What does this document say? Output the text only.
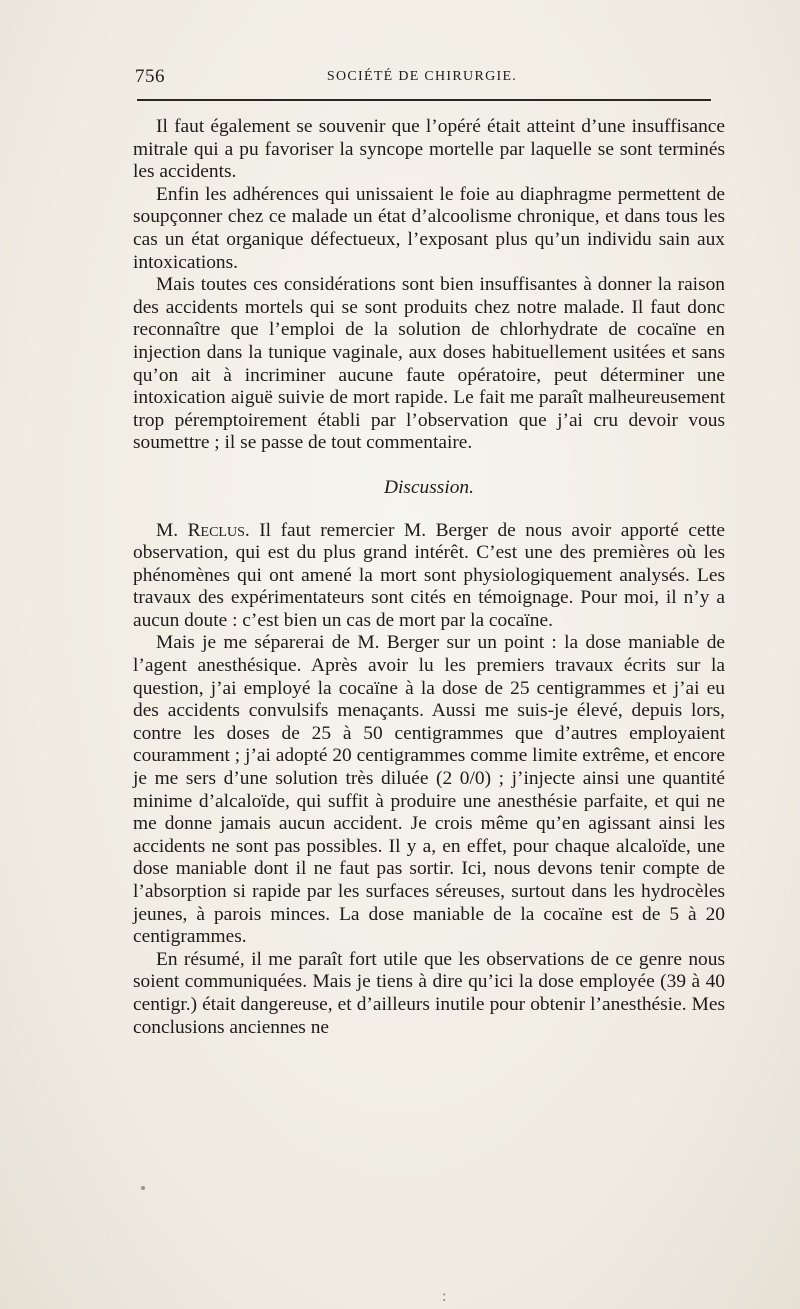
756	SOCIÉTÉ DE CHIRURGIE.

Il faut également se souvenir que l’opéré était atteint d’une insuffisance mitrale qui a pu favoriser la syncope mortelle par laquelle se sont terminés les accidents.

Enfin les adhérences qui unissaient le foie au diaphragme permettent de soupçonner chez ce malade un état d’alcoolisme chronique, et dans tous les cas un état organique défectueux, l’exposant plus qu’un individu sain aux intoxications.

Mais toutes ces considérations sont bien insuffisantes à donner la raison des accidents mortels qui se sont produits chez notre malade. Il faut donc reconnaître que l’emploi de la solution de chlorhydrate de cocaïne en injection dans la tunique vaginale, aux doses habituellement usitées et sans qu’on ait à incriminer aucune faute opératoire, peut déterminer une intoxication aiguë suivie de mort rapide. Le fait me paraît malheureusement trop péremptoirement établi par l’observation que j’ai cru devoir vous soumettre ; il se passe de tout commentaire.

Discussion.

M. Reclus. Il faut remercier M. Berger de nous avoir apporté cette observation, qui est du plus grand intérêt. C’est une des premières où les phénomènes qui ont amené la mort sont physiologiquement analysés. Les travaux des expérimentateurs sont cités en témoignage. Pour moi, il n’y a aucun doute : c’est bien un cas de mort par la cocaïne.

Mais je me séparerai de M. Berger sur un point : la dose maniable de l’agent anesthésique. Après avoir lu les premiers travaux écrits sur la question, j’ai employé la cocaïne à la dose de 25 centigrammes et j’ai eu des accidents convulsifs menaçants. Aussi me suis-je élevé, depuis lors, contre les doses de 25 à 50 centigrammes que d’autres employaient couramment ; j’ai adopté 20 centigrammes comme limite extrême, et encore je me sers d’une solution très diluée (2 0/0) ; j’injecte ainsi une quantité minime d’alcaloïde, qui suffit à produire une anesthésie parfaite, et qui ne me donne jamais aucun accident. Je crois même qu’en agissant ainsi les accidents ne sont pas possibles. Il y a, en effet, pour chaque alcaloïde, une dose maniable dont il ne faut pas sortir. Ici, nous devons tenir compte de l’absorption si rapide par les surfaces séreuses, surtout dans les hydrocèles jeunes, à parois minces. La dose maniable de la cocaïne est de 5 à 20 centigrammes.

En résumé, il me paraît fort utile que les observations de ce genre nous soient communiquées. Mais je tiens à dire qu’ici la dose employée (39 à 40 centigr.) était dangereuse, et d’ailleurs inutile pour obtenir l’anesthésie. Mes conclusions anciennes ne

:
